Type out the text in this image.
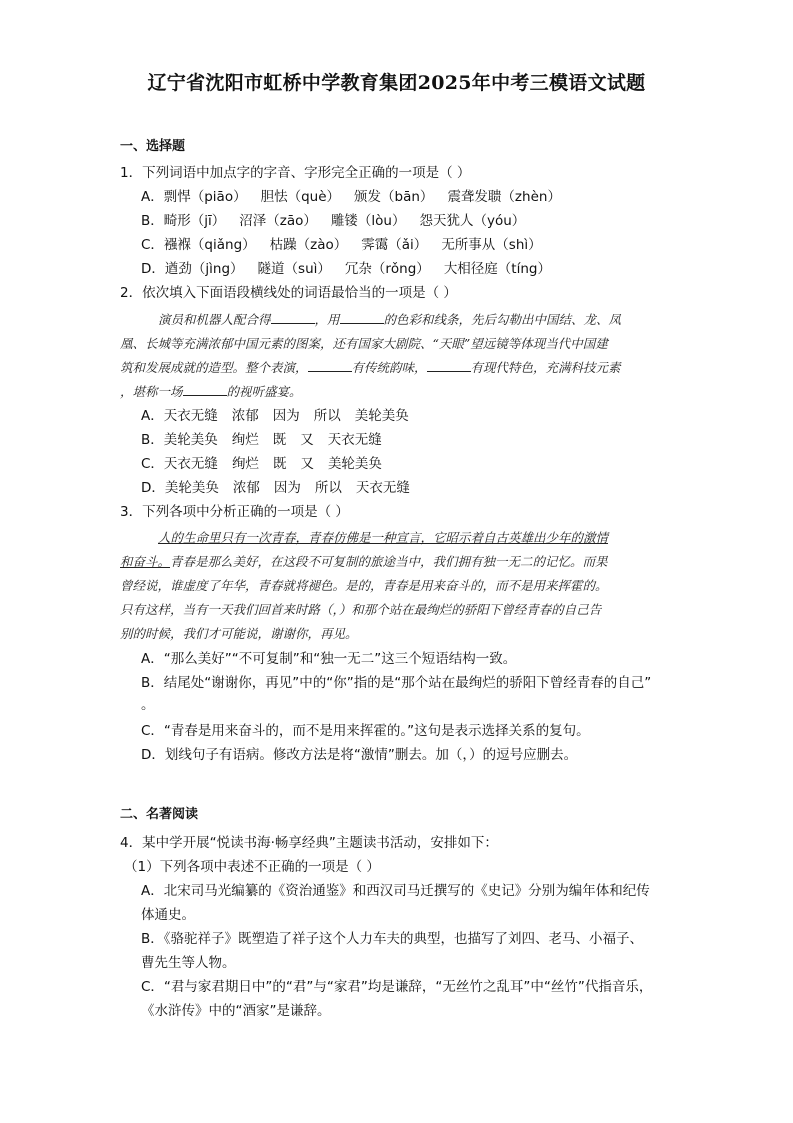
辽宁省沈阳市虹桥中学教育集团2025年中考三模语文试题
一、选择题
1．下列词语中加点字的字音、字形完全正确的一项是（ ）
A．剽悍（piāo） 胆怯（què） 颁发（bān） 震聋发聩（zhèn）
B．畸形（jī） 沼泽（zāo） 雕镂（lòu） 怨天犹人（yóu）
C．襁褓（qiǎng） 枯躁（zào） 霁霭（ǎi） 无所事从（shì）
D．遒劲（jìng） 隧道（suì） 冗杂（rǒng） 大相径庭（tíng）
2．依次填入下面语段横线处的词语最恰当的一项是（ ）
演员和机器人配合得	，用	的色彩和线条，先后勾勒出中国结、龙、凤
凰、长城等充满浓郁中国元素的图案，还有国家大剧院、“天眼”望远镜等体现当代中国建
筑和发展成就的造型。整个表演，	有传统韵味，	有现代特色，充满科技元素
，堪称一场	的视听盛宴。
A．天衣无缝 浓郁 因为 所以 美轮美奂
B．美轮美奂 绚烂 既 又 天衣无缝
C．天衣无缝 绚烂 既 又 美轮美奂
D．美轮美奂 浓郁 因为 所以 天衣无缝
3．下列各项中分析正确的一项是（ ）
人的生命里只有一次青春，青春仿佛是一种宣言，它昭示着自古英雄出少年的激情
和奋斗。青春是那么美好，在这段不可复制的旅途当中，我们拥有独一无二的记忆。而果
曾经说，谁虚度了年华，青春就将褪色。是的，青春是用来奋斗的，而不是用来挥霍的。
只有这样，当有一天我们回首来时路（，）和那个站在最绚烂的骄阳下曾经青春的自己告
别的时候，我们才可能说，谢谢你，再见。
A．“那么美好”“不可复制”和“独一无二”这三个短语结构一致。
B．结尾处“谢谢你，再见”中的“你”指的是“那个站在最绚烂的骄阳下曾经青春的自己”
。
C．“青春是用来奋斗的，而不是用来挥霍的。”这句是表示选择关系的复句。
D．划线句子有语病。修改方法是将“激情”删去。加（，）的逗号应删去。
二、名著阅读
4．某中学开展“悦读书海·畅享经典”主题读书活动，安排如下：
（1）下列各项中表述不正确的一项是（ ）
A．北宋司马光编纂的《资治通鉴》和西汉司马迁撰写的《史记》分别为编年体和纪传
体通史。
B．《骆驼祥子》既塑造了祥子这个人力车夫的典型，也描写了刘四、老马、小福子、
曹先生等人物。
C．“君与家君期日中”的“君”与“家君”均是谦辞，“无丝竹之乱耳”中“丝竹”代指音乐，
《水浒传》中的“酒家”是谦辞。
